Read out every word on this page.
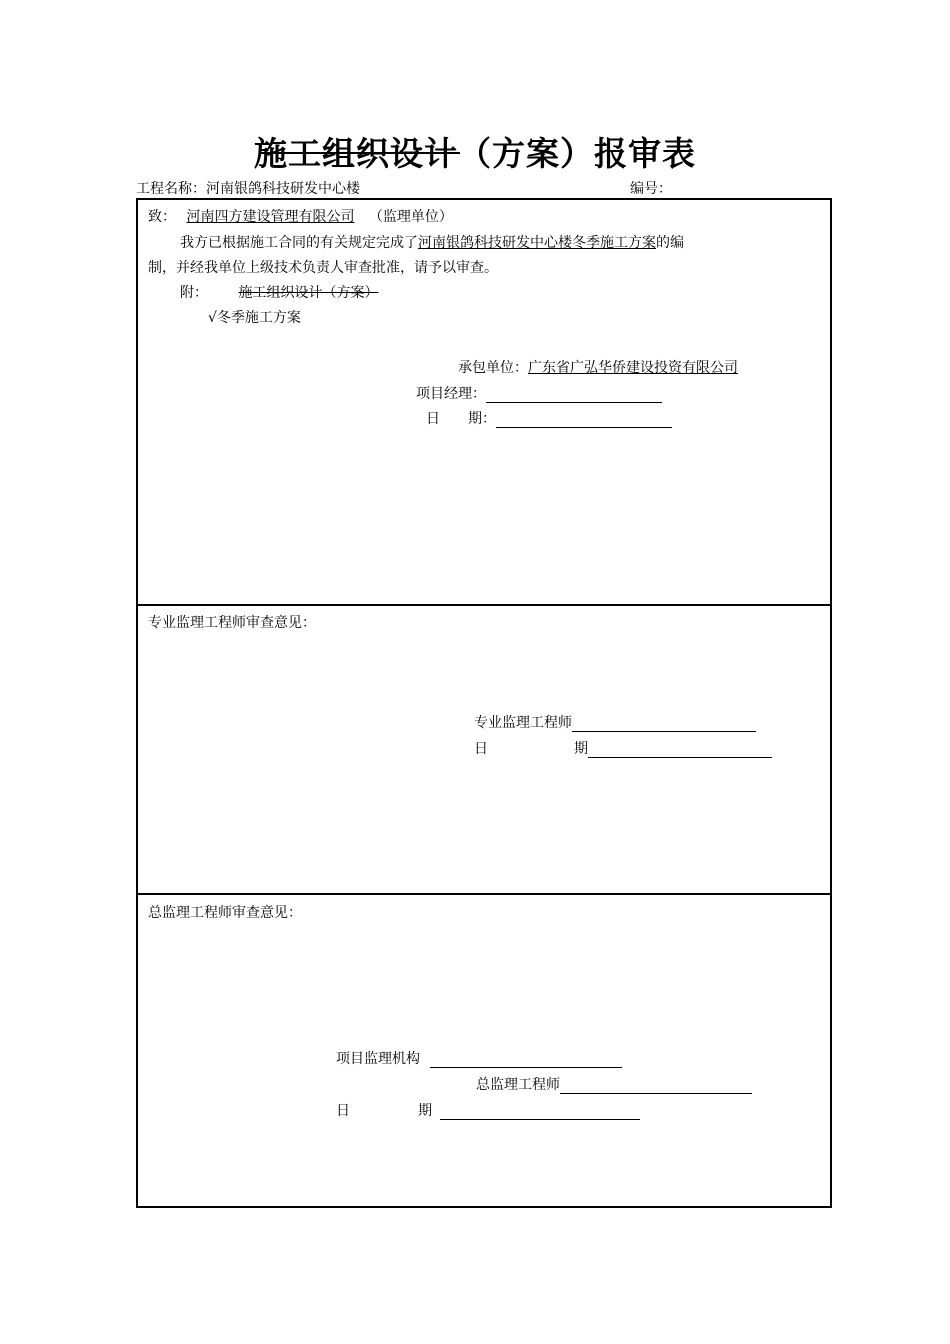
施工组织设计（方案）报审表
工程名称：河南银鸽科技研发中心楼	编号：
致： 河南四方建设管理有限公司 （监理单位）
我方已根据施工合同的有关规定完成了河南银鸽科技研发中心楼冬季施工方案的编
制，并经我单位上级技术负责人审查批准，请予以审查。
附： 施工组织设计（方案）
√冬季施工方案
承包单位：广东省广弘华侨建设投资有限公司
项目经理：
日　　期：
专业监理工程师审查意见：
专业监理工程师
日	期
总监理工程师审查意见：
项目监理机构
总监理工程师
日	期
